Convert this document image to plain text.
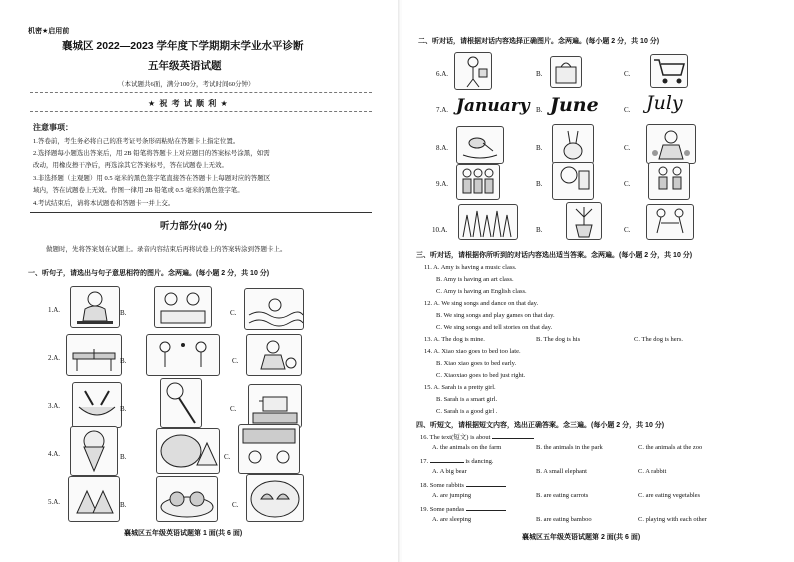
机密★启用前
襄城区 2022—2023 学年度下学期期末学业水平诊断
五年级英语试题
（本试题共6面，满分100分，考试时间60分钟）
★ 祝 考 试 顺 利 ★
注意事项：
1.答卷前，考生务必将自己的准考证号条形码粘贴在答题卡上指定位置。
2.选择题每小题选出答案后，用 2B 铅笔将答题卡上对应题目的答案标号涂黑，如需
改动，用橡皮擦干净后，再选涂其它答案标号，答在试题卷上无效。
3.非选择题（主观题）用 0.5 毫米的黑色签字笔直接答在答题卡上每题对应的答题区
域内，答在试题卷上无效。作图一律用 2B 铅笔或 0.5 毫米的黑色签字笔。
4.考试结束后，请将本试题卷和答题卡一并上交。
听力部分(40 分)
做题时，先将答案划在试题上。录音内容结束后再将试卷上的答案转涂到答题卡上。
一、听句子，请选出与句子意思相符的图片。念两遍。(每小题 2 分，共 10 分)
1.A.	B.	C.
2.A.	B.	C.
3.A.	B.	C.
4.A.	B.	C.
5.A.	B.	C.
襄城区五年级英语试题第 1 面(共 6 面)
二、听对话，请根据对话内容选择正确图片。念两遍。(每小题 2 分，共 10 分)
6.A.	B.	C.
7.A. January B. June	C. July
8.A.	B.	C.
9.A.	B.	C.
10.A.	B.	C.
三、听对话，请根据你所听到的对话内容选出适当答案。念两遍。(每小题 2 分，共 10 分)
11. A. Amy is having a music class.
B. Amy is having an art class.
C. Amy is having an English class.
12. A. We sing songs and dance on that day.
B. We sing songs and play games on that day.
C. We sing songs and tell stories on that day.
13. A. The dog is mine.	B. The dog is his	C. The dog is hers.
14. A. Xiao xiao goes to bed too late.
B. Xiao xiao goes to bed early.
C. Xiaoxiao goes to bed just right.
15. A. Sarah is a pretty girl.
B. Sarah is a smart girl.
C. Sarah is a good girl .
四、听短文，请根据短文内容，选出正确答案。念三遍。(每小题 2 分，共 10 分)
16. The text(短文) is about
A. the animals on the farm	B. the animals in the park	C. the animals at the zoo
17.	is dancing.
A. A big bear	B. A small elephant	C. A rabbit
18. Some rabbits
A. are jumping	B. are eating carrots	C. are eating vegetables
19. Some pandas
A. are sleeping	B. are eating bamboo	C. playing with each other
襄城区五年级英语试题第 2 面(共 6 面)
